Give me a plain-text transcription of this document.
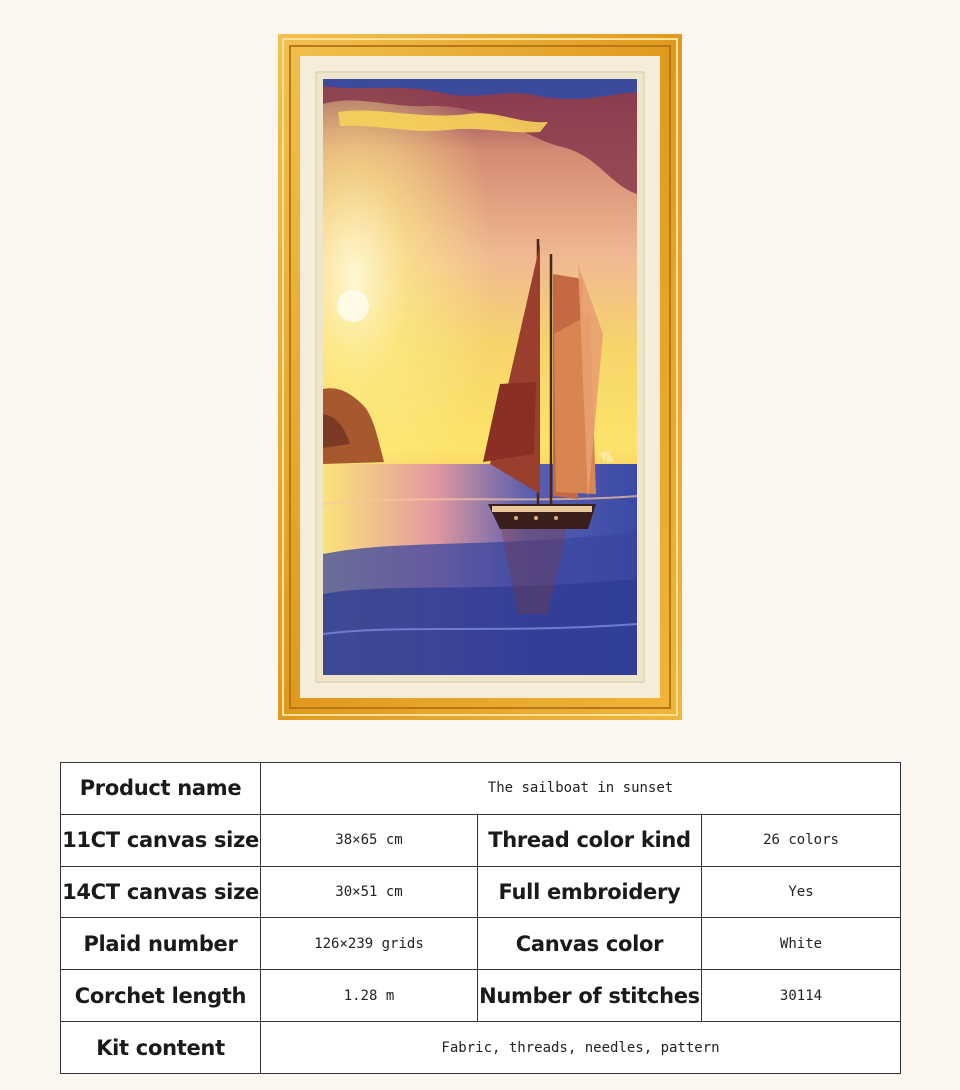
Product name	The sailboat in sunset		
11CT canvas size	38×65 cm	Thread color kind	26 colors
14CT canvas size	30×51 cm	Full embroidery	Yes
Plaid number	126×239 grids	Canvas color	White
Corchet length	1.28 m	Number of stitches	30114
Kit content	Fabric, threads, needles, pattern		
